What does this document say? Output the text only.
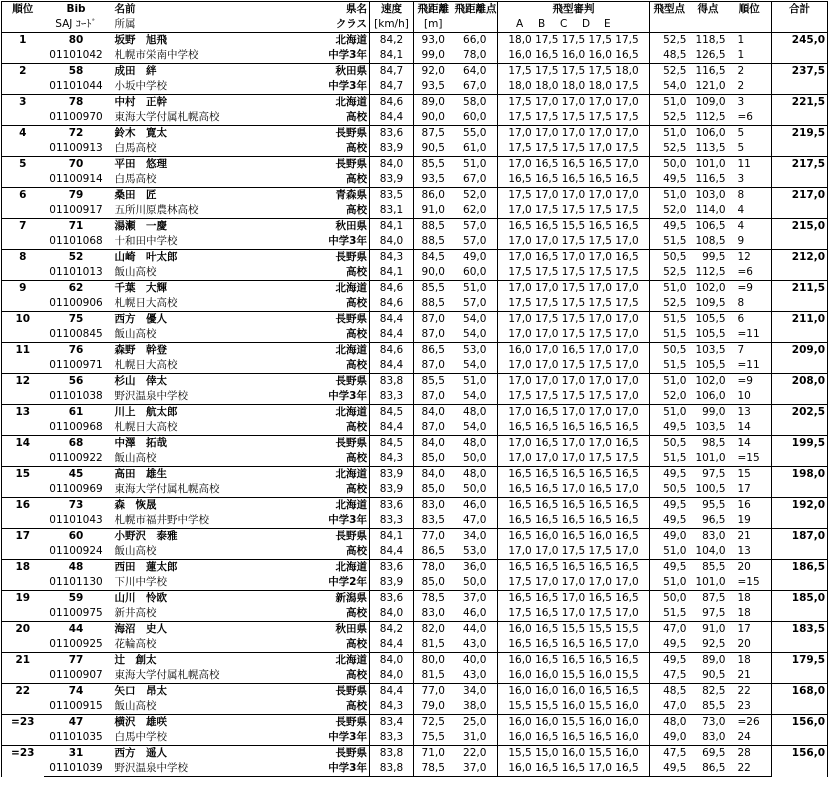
順位	Bib	名前 県名	速度	飛距離	飛距離点	飛型審判	飛型点	得点	順位	合計
	SAJ ｺｰﾄﾞ	所属 クラス	[km/h]	[m]		A B C D E				
1	80	坂野　旭飛 北海道	84,2	93,0	66,0	18,0 17,5 17,5 17,5 17,5	52,5	118,5	1	245,0
	01101042	札幌市栄南中学校 中学3年	84,1	99,0	78,0	16,0 16,5 16,0 16,0 16,5	48,5	126,5	1	
2	58	成田　絆 秋田県	84,7	92,0	64,0	17,5 17,5 17,5 17,5 18,0	52,5	116,5	2	237,5
	01101044	小坂中学校 中学3年	84,7	93,5	67,0	18,0 18,0 18,0 18,0 17,5	54,0	121,0	2	
3	78	中村　正幹 北海道	84,6	89,0	58,0	17,5 17,0 17,0 17,0 17,0	51,0	109,0	3	221,5
	01100970	東海大学付属札幌高校 高校	84,4	90,0	60,0	17,5 17,5 17,5 17,5 17,5	52,5	112,5	=6	
4	72	鈴木　寛太 長野県	83,6	87,5	55,0	17,0 17,0 17,0 17,0 17,0	51,0	106,0	5	219,5
	01100913	白馬高校 高校	83,9	90,5	61,0	17,5 17,5 17,5 17,0 17,5	52,5	113,5	5	
5	70	平田　悠理 長野県	84,0	85,5	51,0	17,0 16,5 16,5 16,5 17,0	50,0	101,0	11	217,5
	01100914	白馬高校 高校	83,9	93,5	67,0	16,5 16,5 16,5 16,5 16,5	49,5	116,5	3	
6	79	桑田　匠 青森県	83,5	86,0	52,0	17,5 17,0 17,0 17,0 17,0	51,0	103,0	8	217,0
	01100917	五所川原農林高校 高校	83,1	91,0	62,0	17,0 17,5 17,5 17,5 17,5	52,0	114,0	4	
7	71	湯瀬　一慶 秋田県	84,1	88,5	57,0	16,5 16,5 15,5 16,5 16,5	49,5	106,5	4	215,0
	01101068	十和田中学校 中学3年	84,0	88,5	57,0	17,0 17,0 17,5 17,5 17,0	51,5	108,5	9	
8	52	山崎　叶太郎 長野県	84,3	84,5	49,0	17,0 16,5 17,0 17,0 16,5	50,5	99,5	12	212,0
	01101013	飯山高校 高校	84,1	90,0	60,0	17,5 17,5 17,5 17,5 17,5	52,5	112,5	=6	
9	62	千葉　大輝 北海道	84,6	85,5	51,0	17,0 17,0 17,5 17,0 17,0	51,0	102,0	=9	211,5
	01100906	札幌日大高校 高校	84,6	88,5	57,0	17,5 17,5 17,5 17,5 17,5	52,5	109,5	8	
10	75	西方　優人 長野県	84,4	87,0	54,0	17,0 17,5 17,5 17,0 17,0	51,5	105,5	6	211,0
	01100845	飯山高校 高校	84,4	87,0	54,0	17,0 17,0 17,5 17,5 17,0	51,5	105,5	=11	
11	76	森野　幹登 北海道	84,6	86,5	53,0	16,0 17,0 16,5 17,0 17,0	50,5	103,5	7	209,0
	01100971	札幌日大高校 高校	84,4	87,0	54,0	17,0 17,0 17,5 17,5 17,0	51,5	105,5	=11	
12	56	杉山　倖太 長野県	83,8	85,5	51,0	17,0 17,0 17,0 17,0 17,0	51,0	102,0	=9	208,0
	01101038	野沢温泉中学校 中学3年	83,3	87,0	54,0	17,5 17,5 17,5 17,5 17,0	52,0	106,0	10	
13	61	川上　航太郎 北海道	84,5	84,0	48,0	17,0 16,5 17,0 17,0 17,0	51,0	99,0	13	202,5
	01100968	札幌日大高校 高校	84,4	87,0	54,0	16,5 16,5 16,5 16,5 16,5	49,5	103,5	14	
14	68	中澤　拓哉 長野県	84,5	84,0	48,0	17,0 16,5 17,0 17,0 16,5	50,5	98,5	14	199,5
	01100922	飯山高校 高校	84,3	85,0	50,0	17,0 17,0 17,0 17,5 17,5	51,5	101,0	=15	
15	45	高田　雄生 北海道	83,9	84,0	48,0	16,5 16,5 16,5 16,5 16,5	49,5	97,5	15	198,0
	01100969	東海大学付属札幌高校 高校	83,9	85,0	50,0	16,5 16,5 17,0 16,5 17,0	50,5	100,5	17	
16	73	森　恢晟 北海道	83,6	83,0	46,0	16,5 16,5 16,5 16,5 16,5	49,5	95,5	16	192,0
	01101043	札幌市福井野中学校 中学3年	83,3	83,5	47,0	16,5 16,5 16,5 16,5 16,5	49,5	96,5	19	
17	60	小野沢　泰雅 長野県	84,1	77,0	34,0	16,5 16,0 16,5 16,0 16,5	49,0	83,0	21	187,0
	01100924	飯山高校 高校	84,4	86,5	53,0	17,0 17,0 17,5 17,5 17,0	51,0	104,0	13	
18	48	西田　蓮太郎 北海道	83,6	78,0	36,0	16,5 16,5 16,5 16,5 16,5	49,5	85,5	20	186,5
	01101130	下川中学校 中学2年	83,9	85,0	50,0	17,5 17,0 17,0 17,0 17,0	51,0	101,0	=15	
19	59	山川　怜欧 新潟県	83,6	78,5	37,0	16,5 16,5 17,0 16,5 16,5	50,0	87,5	18	185,0
	01100975	新井高校 高校	84,0	83,0	46,0	17,5 16,5 17,0 17,5 17,0	51,5	97,5	18	
20	44	海沼　史人 秋田県	84,2	82,0	44,0	16,0 16,5 15,5 15,5 15,5	47,0	91,0	17	183,5
	01100925	花輪高校 高校	84,4	81,5	43,0	16,5 16,5 16,5 16,5 17,0	49,5	92,5	20	
21	77	辻　創太 北海道	84,0	80,0	40,0	16,0 16,5 16,5 16,5 16,5	49,5	89,0	18	179,5
	01100907	東海大学付属札幌高校 高校	84,0	81,5	43,0	16,0 16,0 15,5 16,0 15,5	47,5	90,5	21	
22	74	矢口　昂太 長野県	84,4	77,0	34,0	16,0 16,0 16,0 16,5 16,5	48,5	82,5	22	168,0
	01100915	飯山高校 高校	84,3	79,0	38,0	15,5 15,5 16,0 15,5 16,0	47,0	85,5	23	
=23	47	横沢　雄咲 長野県	83,4	72,5	25,0	16,0 16,0 15,5 16,0 16,0	48,0	73,0	=26	156,0
	01101035	白馬中学校 中学3年	83,3	75,5	31,0	16,0 16,5 16,5 16,5 16,0	49,0	83,0	24	
=23	31	西方　遥人 長野県	83,8	71,0	22,0	15,5 15,0 16,0 15,5 16,0	47,5	69,5	28	156,0
	01101039	野沢温泉中学校 中学3年	83,8	78,5	37,0	16,0 16,5 16,5 17,0 16,5	49,5	86,5	22	
